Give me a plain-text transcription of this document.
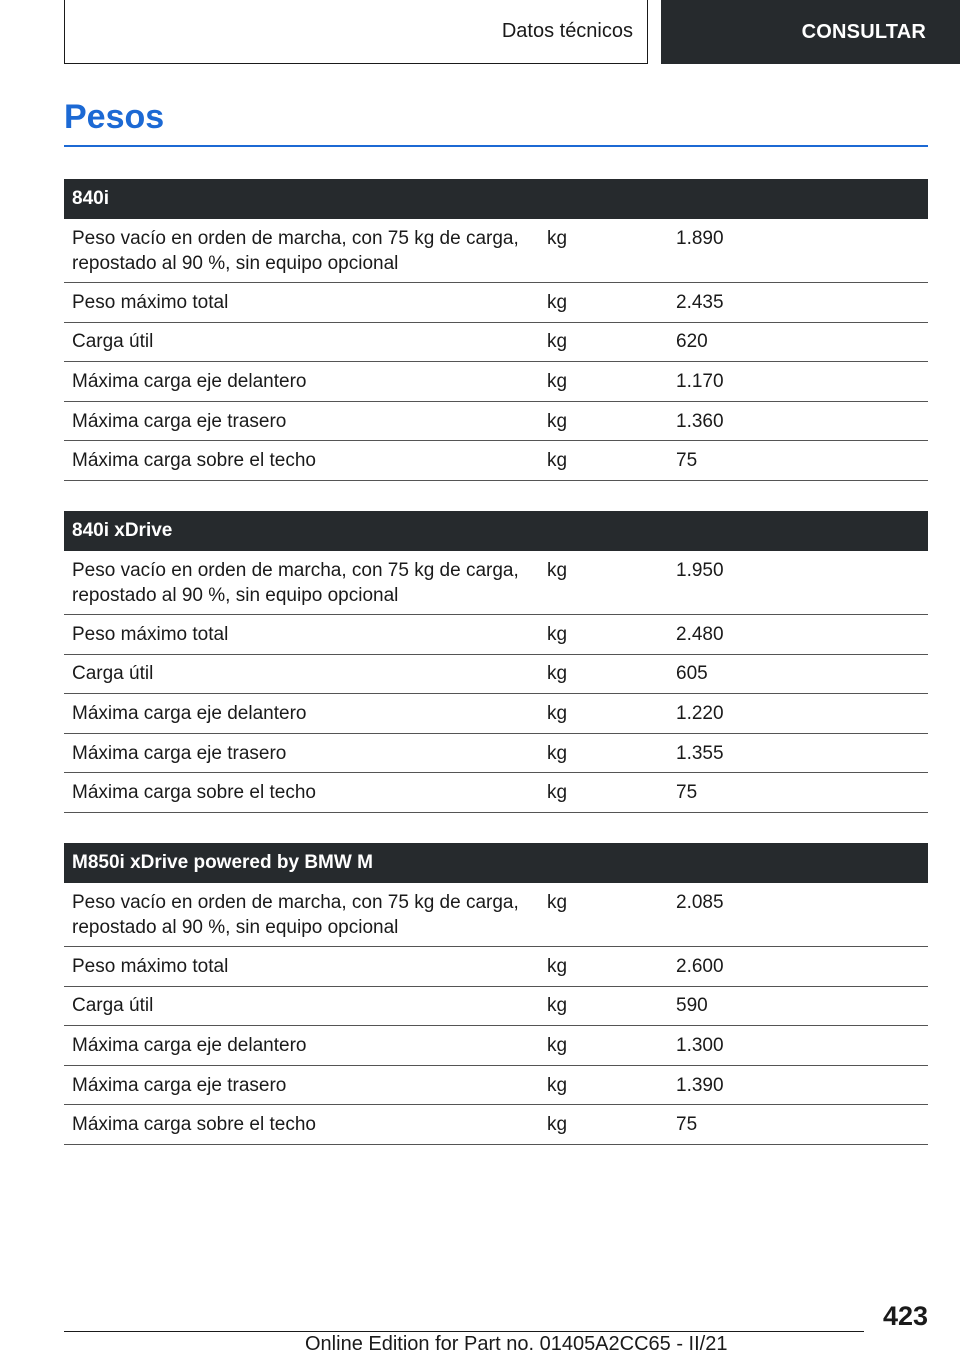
Datos técnicos	CONSULTAR
Pesos
840i
Peso vacío en orden de marcha, con 75 kg de carga,
repostado al 90 %, sin equipo opcional
kg	1.890
Peso máximo total	kg	2.435
Carga útil	kg	620
Máxima carga eje delantero	kg	1.170
Máxima carga eje trasero	kg	1.360
Máxima carga sobre el techo	kg	75
840i xDrive
Peso vacío en orden de marcha, con 75 kg de carga,
repostado al 90 %, sin equipo opcional
kg	1.950
Peso máximo total	kg	2.480
Carga útil	kg	605
Máxima carga eje delantero	kg	1.220
Máxima carga eje trasero	kg	1.355
Máxima carga sobre el techo	kg	75
M850i xDrive powered by BMW M
Peso vacío en orden de marcha, con 75 kg de carga,
repostado al 90 %, sin equipo opcional
kg	2.085
Peso máximo total	kg	2.600
Carga útil	kg	590
Máxima carga eje delantero	kg	1.300
Máxima carga eje trasero	kg	1.390
Máxima carga sobre el techo	kg	75
423
Online Edition for Part no. 01405A2CC65 - II/21
